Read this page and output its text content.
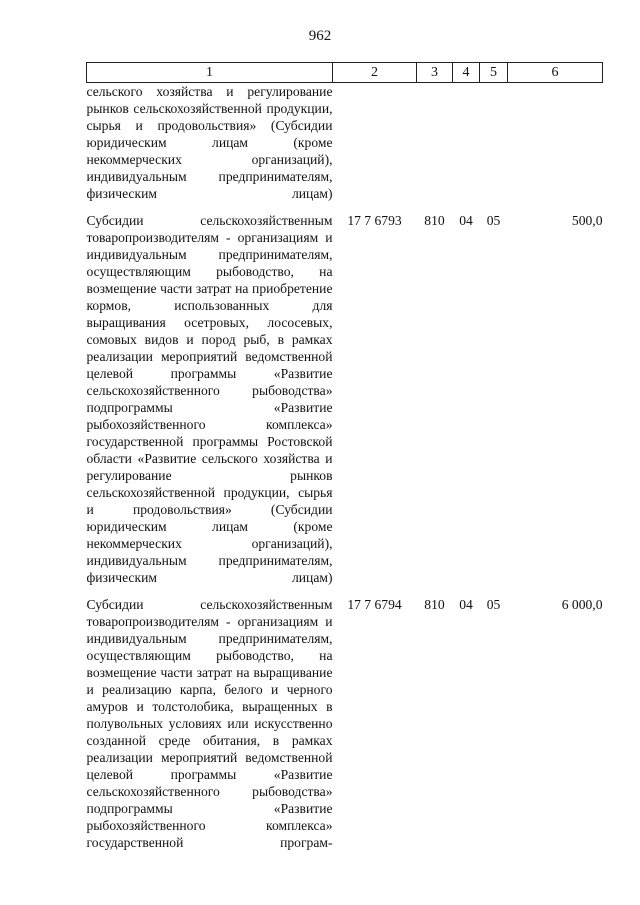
962
1	2	3	4	5	6
сельского хозяйства и регулирование рынков сельскохозяйственной продукции, сырья и продовольствия» (Субсидии юридическим лицам (кроме некоммерческих организаций), индивидуальным предпринимателям, физическим лицам)					

Субсидии сельскохозяйственным товаропроизводителям - организациям и индивидуальным предпринимателям, осуществляющим рыбоводство, на возмещение части затрат на приобретение кормов, использованных для выращивания осетровых, лососевых, сомовых видов и пород рыб, в рамках реализации мероприятий ведомственной целевой программы «Развитие сельскохозяйственного рыбоводства» подпрограммы «Развитие рыбохозяйственного комплекса» государственной программы Ростовской области «Развитие сельского хозяйства и регулирование рынков сельскохозяйственной продукции, сырья и продовольствия» (Субсидии юридическим лицам (кроме некоммерческих организаций), индивидуальным предпринимателям, физическим лицам)	17 7 6793	810	04	05	500,0

Субсидии сельскохозяйственным товаропроизводителям - организациям и индивидуальным предпринимателям, осуществляющим рыбоводство, на возмещение части затрат на выращивание и реализацию карпа, белого и черного амуров и толстолобика, выращенных в полувольных условиях или искусственно созданной среде обитания, в рамках реализации мероприятий ведомственной целевой программы «Развитие сельскохозяйственного рыбоводства» подпрограммы «Развитие рыбохозяйственного комплекса» государственной програм-	17 7 6794	810	04	05	6 000,0
